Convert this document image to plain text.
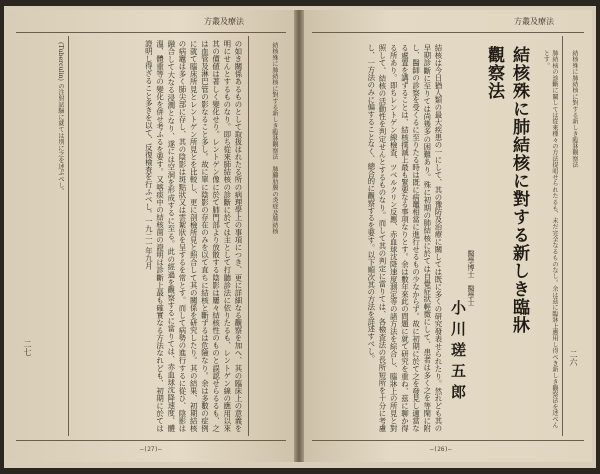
方叢及療法
結核殊に肺結核に對する新しき臨牀觀察法　肺臓肋膜の炎症及肺結核
の如き關係あるものとして取扱はれたる所の病理學上の事項につき、更に詳細なる觀察を加へ、其の臨床上の意義を明にせんとするものなり。即ち從來肺結核の診斷に於ては主として打聽診法に依りたるも、レントゲン線の應用以來其の價値は著しく變化せり。レントゲン像に於て肺門部より放散する陰影は屢々結核性のものと誤認せらるるも、之は血管及淋巴管の影なること多し。故に單に陰影の存在のみを以て直ちに結核と斷ずるは危險なり。余は多數の症例に就て臨床所見とレントゲン所見とを比較し、更に剖檢所見と照合して其の關係を研究したり。其の結果、初期結核の病竈は多く肺尖部に存し、其の陰影は斑點狀又は雲絮狀を呈するを常とす。而して病勢の進行するに從ひ、陰影は融合して大なる浸潤となり、遂には空洞を形成するに至る。此の經過を觀察するに當りては、赤血球沈降速度、體溫、體重等の變化を併せ考ふるを要す。又喀痰中の結核菌の證明は診斷上最も確實なる方法なれども、初期に於ては證明し得ざること多きを以て、反復檢査を行ふべし。一九二一年九月
(Tuberculin) の注射試驗に就ては別に之を述ぶべし。
二七
—(27)—
方叢及療法
結核殊に肺結核に對する新しき臨牀觀察法
肺結核の診斷に關しては從來種々の方法提唱せられたるも、未だ完全なるものなし。余は茲に臨牀上應用し得べき新しき觀察法を述べんとす。
結核殊に肺結核に對する新しき臨牀觀察法
醫學博士　醫學士
小川瑳五郎
結核は今日猶人類の最大疾患の一にして、其の豫防及治療に關しては既に多くの研究發表せられたり。然れども其の早期診斷に至りては尚幾多の困難あり。殊に初期の肺結核に於ては自覺症狀輕微にして、患者は多く之を等閑に附し、醫師の診察を受くるに至りたる時は既に病竈相當に進行せるもの少なからず。故に初期に於て之を發見し適當なる處置を講ずることは、結核撲滅上最も緊要なる事項なりとす。余は數年來此の問題に就て研究を重ね、茲に聊か得る所あり。即ちレントゲン線檢査、ツベルクリン反應、赤血球沈降速度測定等の諸方法を綜合し、臨牀上の所見と對照して、結核の活動性を判定せんとするものなり。而して其の判定に當りては、各檢査法の長所短所を十分に考慮し、一方法のみに偏することなく、總合的に觀察するを要す。以下順次其の方法を詳述すべし。	二六
—(26)—
